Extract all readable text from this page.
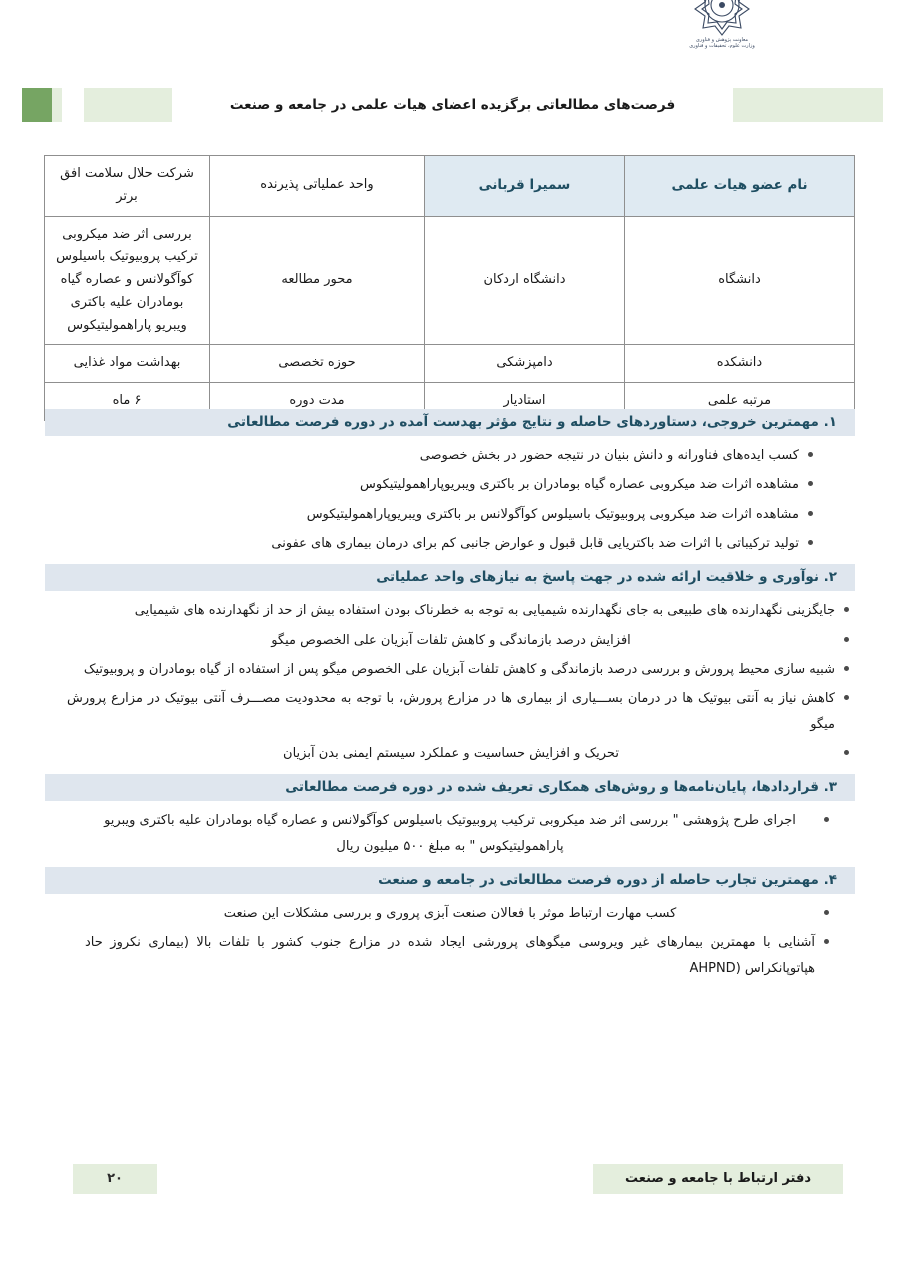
فرصت‌های مطالعاتی برگزیده اعضای هیات علمی در جامعه و صنعت
معاونت پژوهش و فناوری
وزارت علوم، تحقیقات و فناوری
نام عضو هیات علمی	سمیرا قربانی	واحد عملیاتی پذیرنده	شرکت حلال سلامت افق برتر
دانشگاه	دانشگاه اردکان	محور مطالعه	بررسی اثر ضد میکروبی ترکیب پروبیوتیک باسیلوس کوآگولانس و عصاره گیاه بومادران علیه باکتری ویبریو پاراهمولیتیکوس
دانشکده	دامپزشکی	حوزه تخصصی	بهداشت مواد غذایی
مرتبه علمی	استادیار	مدت دوره	۶ ماه
۱. مهمترین خروجی، دستاوردهای حاصله و نتایج مؤثر بهدست آمده در دوره فرصت مطالعاتی
کسب ایده‌های فناورانه و دانش بنیان در نتیجه حضور در بخش خصوصی
مشاهده اثرات ضد میکروبی عصاره گیاه بومادران بر باکتری ویبریوپاراهمولیتیکوس
مشاهده اثرات ضد میکروبی پروبیوتیک باسیلوس کوآگولانس بر باکتری ویبریوپاراهمولیتیکوس
تولید ترکیباتی با اثرات ضد باکتریایی قابل قبول و عوارض جانبی کم برای درمان بیماری های عفونی
۲. نوآوری و خلاقیت ارائه شده در جهت پاسخ به نیازهای واحد عملیاتی
جایگزینی نگهدارنده های طبیعی به جای نگهدارنده شیمیایی به توجه به خطرناک بودن استفاده بیش از حد از نگهدارنده های شیمیایی
افزایش درصد بازماندگی و کاهش تلفات آبزیان علی الخصوص میگو
شبیه سازی محیط پرورش و بررسی درصد بازماندگی و کاهش تلفات آبزیان علی الخصوص میگو پس از استفاده از گیاه بومادران و پروبیوتیک
کاهش نیاز به آنتی بیوتیک ها در درمان بســـیاری از بیماری ها در مزارع پرورش، با توجه به محدودیت مصـــرف آنتی بیوتیک در مزارع پرورش میگو
تحریک و افزایش حساسیت و عملکرد سیستم ایمنی بدن آبزیان
۳. قراردادها، پایان‌نامه‌ها و روش‌های همکاری تعریف شده در دوره فرصت مطالعاتی
اجرای طرح پژوهشی " بررسی اثر ضد میکروبی ترکیب پروبیوتیک باسیلوس کوآگولانس و عصاره گیاه بومادران علیه باکتری ویبریو پاراهمولیتیکوس " به مبلغ ۵۰۰ میلیون ریال
۴. مهمترین تجارب حاصله از دوره فرصت مطالعاتی در جامعه و صنعت
کسب مهارت ارتباط موثر با فعالان صنعت آبزی پروری و بررسی مشکلات این صنعت
آشنایی با مهمترین بیمارهای غیر ویروسی میگوهای پرورشی ایجاد شده در مزارع جنوب کشور با تلفات بالا (بیماری نکروز حاد هپاتوپانکراس (AHPND
۲۰	دفتر ارتباط با جامعه و صنعت
